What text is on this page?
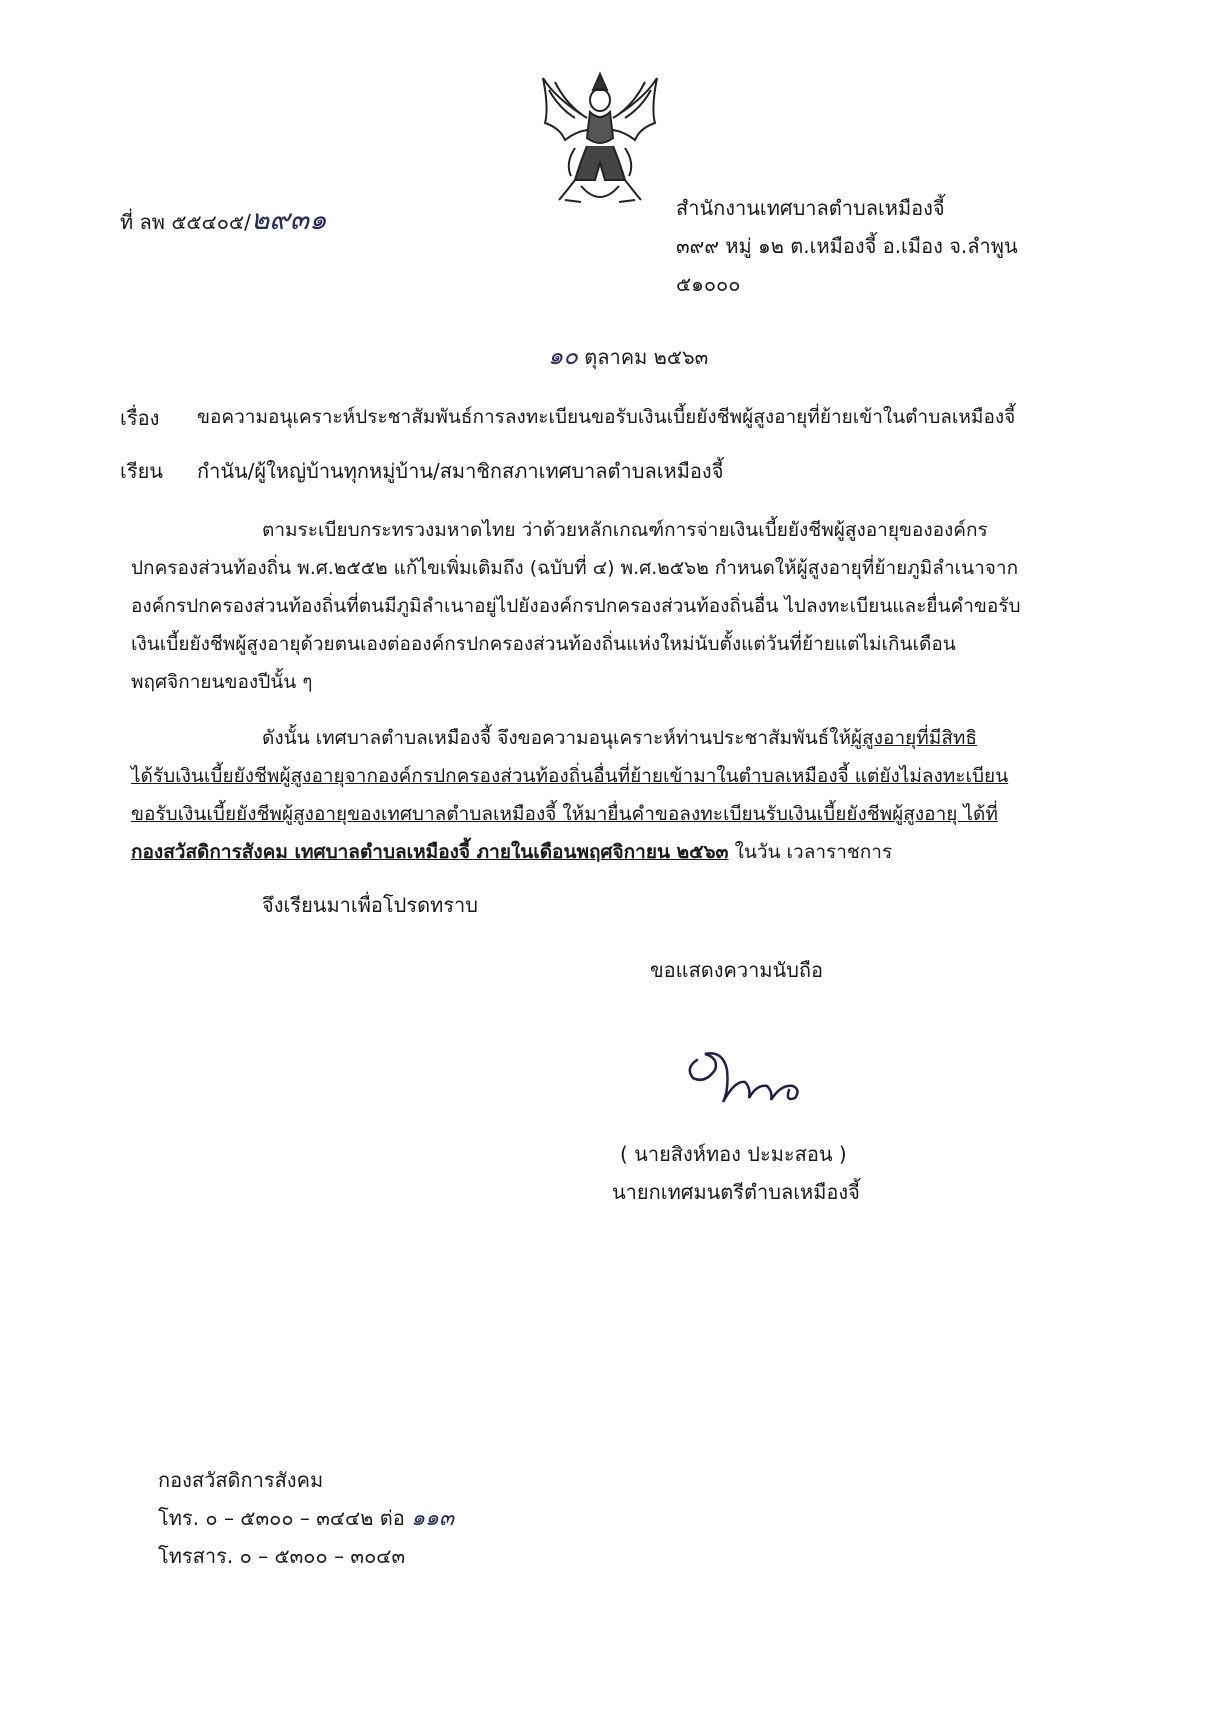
ที่ ลพ ๕๕๔๐๕/๒๙๓๑	สำนักงานเทศบาลตำบลเหมืองจี้
๓๙๙ หมู่ ๑๒ ต.เหมืองจี้ อ.เมือง จ.ลำพูน
๕๑๐๐๐
๑๐ ตุลาคม ๒๕๖๓
เรื่อง ขอความอนุเคราะห์ประชาสัมพันธ์การลงทะเบียนขอรับเงินเบี้ยยังชีพผู้สูงอายุที่ย้ายเข้าในตำบลเหมืองจี้
เรียน กำนัน/ผู้ใหญ่บ้านทุกหมู่บ้าน/สมาชิกสภาเทศบาลตำบลเหมืองจี้
ตามระเบียบกระทรวงมหาดไทย ว่าด้วยหลักเกณฑ์การจ่ายเงินเบี้ยยังชีพผู้สูงอายุขององค์กร
ปกครองส่วนท้องถิ่น พ.ศ.๒๕๕๒ แก้ไขเพิ่มเติมถึง (ฉบับที่ ๔) พ.ศ.๒๕๖๒ กำหนดให้ผู้สูงอายุที่ย้ายภูมิลำเนาจาก
องค์กรปกครองส่วนท้องถิ่นที่ตนมีภูมิลำเนาอยู่ไปยังองค์กรปกครองส่วนท้องถิ่นอื่น ไปลงทะเบียนและยื่นคำขอรับ
เงินเบี้ยยังชีพผู้สูงอายุด้วยตนเองต่อองค์กรปกครองส่วนท้องถิ่นแห่งใหม่นับตั้งแต่วันที่ย้ายแต่ไม่เกินเดือน
พฤศจิกายนของปีนั้น ๆ
ดังนั้น เทศบาลตำบลเหมืองจี้ จึงขอความอนุเคราะห์ท่านประชาสัมพันธ์ให้ผู้สูงอายุที่มีสิทธิ
ได้รับเงินเบี้ยยังชีพผู้สูงอายุจากองค์กรปกครองส่วนท้องถิ่นอื่นที่ย้ายเข้ามาในตำบลเหมืองจี้ แต่ยังไม่ลงทะเบียน
ขอรับเงินเบี้ยยังชีพผู้สูงอายุของเทศบาลตำบลเหมืองจี้ ให้มายื่นคำขอลงทะเบียนรับเงินเบี้ยยังชีพผู้สูงอายุ ได้ที่
กองสวัสดิการสังคม เทศบาลตำบลเหมืองจี้ ภายในเดือนพฤศจิกายน ๒๕๖๓ ในวัน เวลาราชการ
จึงเรียนมาเพื่อโปรดทราบ
ขอแสดงความนับถือ
( นายสิงห์ทอง ปะมะสอน )
นายกเทศมนตรีตำบลเหมืองจี้
กองสวัสดิการสังคม
โทร. ๐ – ๕๓๐๐ – ๓๔๔๒ ต่อ ๑๑๓
โทรสาร. ๐ – ๕๓๐๐ – ๓๐๔๓
